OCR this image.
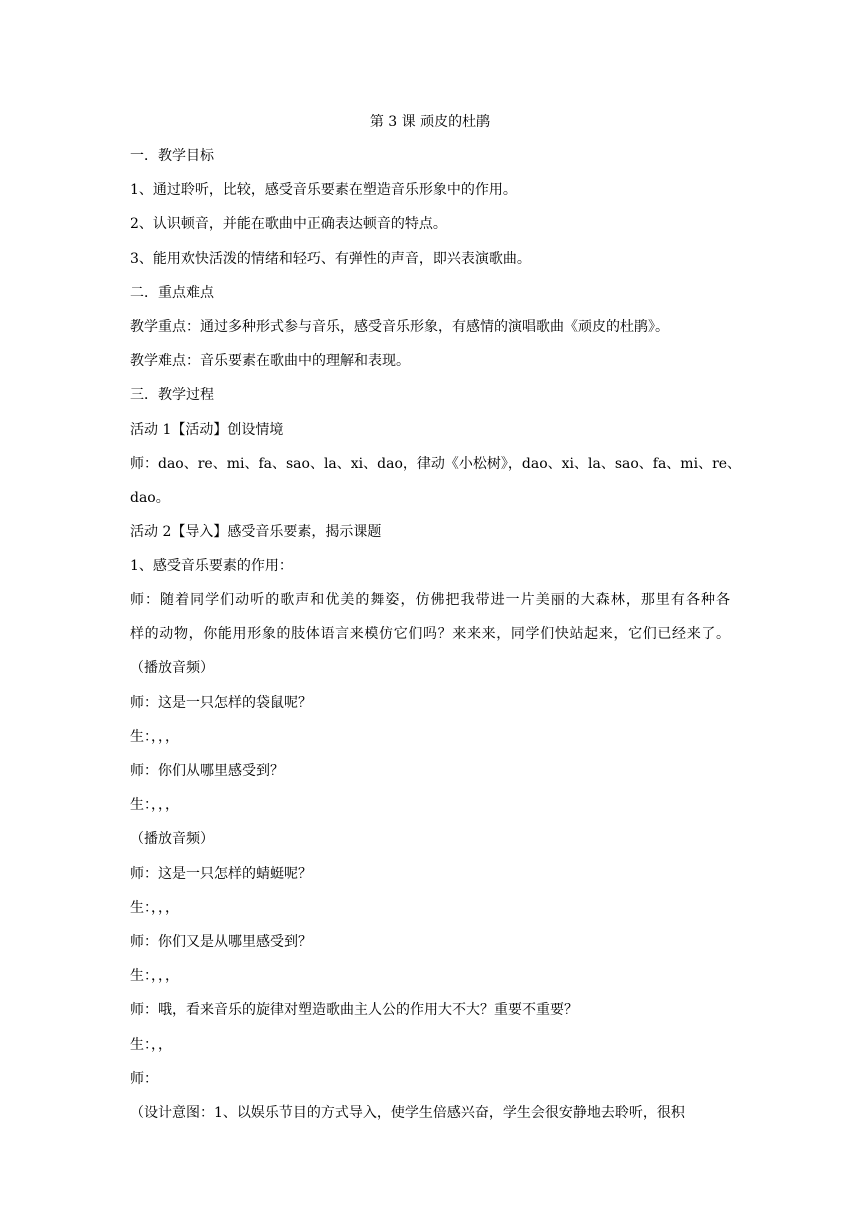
第 3 课 顽皮的杜鹃
一．教学目标
1、通过聆听，比较，感受音乐要素在塑造音乐形象中的作用。
2、认识顿音，并能在歌曲中正确表达顿音的特点。
3、能用欢快活泼的情绪和轻巧、有弹性的声音，即兴表演歌曲。
二．重点难点
教学重点：通过多种形式参与音乐，感受音乐形象，有感情的演唱歌曲《顽皮的杜鹃》。
教学难点：音乐要素在歌曲中的理解和表现。
三．教学过程
活动 1【活动】创设情境
师：dao、re、mi、fa、sao、la、xi、dao，律动《小松树》，dao、xi、la、sao、fa、mi、re、
dao。
活动 2【导入】感受音乐要素，揭示课题
1、感受音乐要素的作用：
师：随着同学们动听的歌声和优美的舞姿，仿佛把我带进一片美丽的大森林，那里有各种各
样的动物，你能用形象的肢体语言来模仿它们吗？来来来，同学们快站起来，它们已经来了。
（播放音频）
师：这是一只怎样的袋鼠呢？
生：，，，
师：你们从哪里感受到？
生：，，，
（播放音频）
师：这是一只怎样的蜻蜓呢？
生：，，，
师：你们又是从哪里感受到？
生：，，，
师：哦，看来音乐的旋律对塑造歌曲主人公的作用大不大？重要不重要？
生：，，
师：
（设计意图：1、以娱乐节目的方式导入，使学生倍感兴奋，学生会很安静地去聆听，很积
